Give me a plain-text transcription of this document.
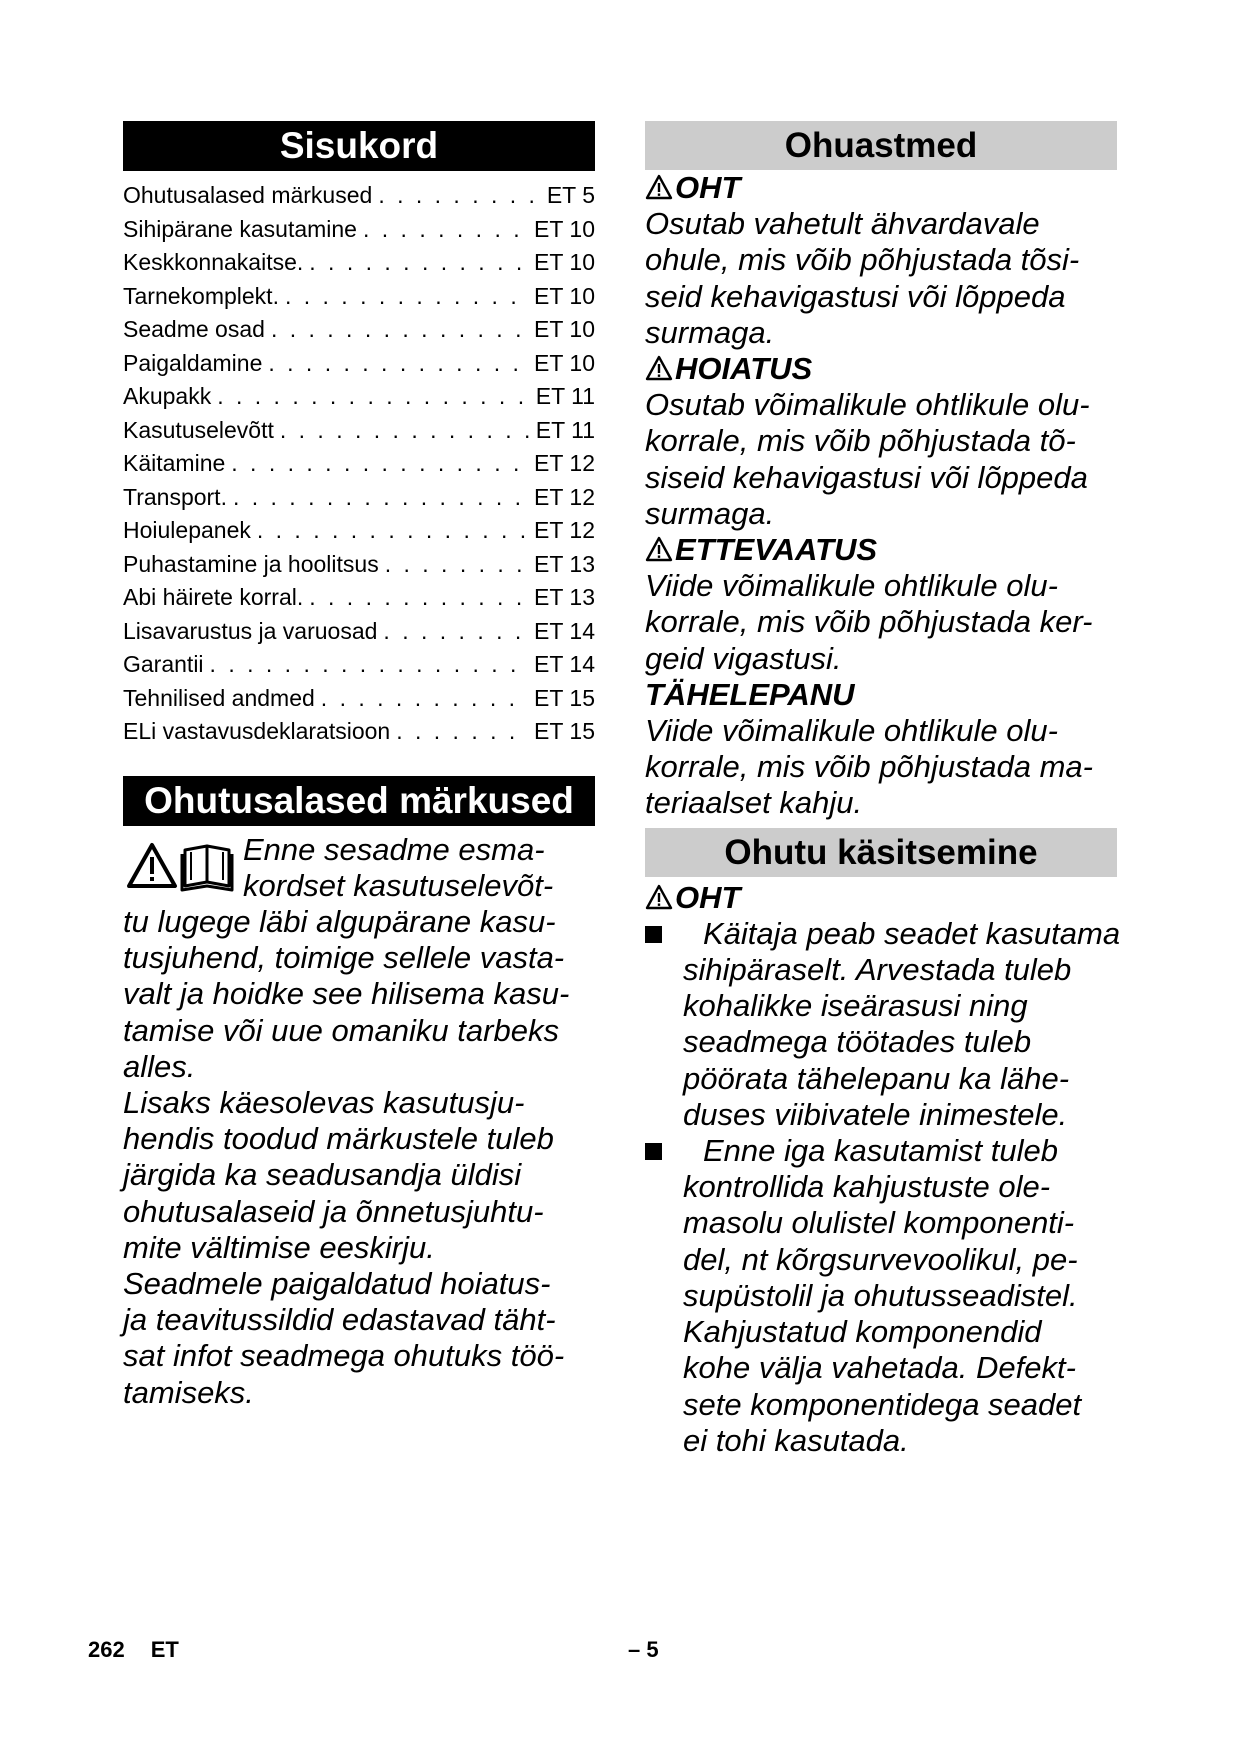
Sisukord
Ohutusalased märkused . . .	ET 5
Sihipärane kasutamine . . .	ET 10
Keskkonnakaitse. . . .	ET 10
Tarnekomplekt. . . .	ET 10
Seadme osad . . .	ET 10
Paigaldamine . . .	ET 10
Akupakk . . .	ET 11
Kasutuselevõtt . . .	ET 11
Käitamine . . .	ET 12
Transport. . . .	ET 12
Hoiulepanek . . .	ET 12
Puhastamine ja hoolitsus . . .	ET 13
Abi häirete korral. . . .	ET 13
Lisavarustus ja varuosad . . .	ET 14
Garantii . . .	ET 14
Tehnilised andmed . . .	ET 15
ELi vastavusdeklaratsioon . . .	ET 15
Ohutusalased märkused
Enne sesadme esma-
kordset kasutuselevõt-
tu lugege läbi algupärane kasu-
tusjuhend, toimige sellele vasta-
valt ja hoidke see hilisema kasu-
tamise või uue omaniku tarbeks
alles.
Lisaks käesolevas kasutusju-
hendis toodud märkustele tuleb
järgida ka seadusandja üldisi
ohutusalaseid ja õnnetusjuhtu-
mite vältimise eeskirju.
Seadmele paigaldatud hoiatus-
ja teavitussildid edastavad täht-
sat infot seadmega ohutuks töö-
tamiseks.
Ohuastmed
OHT
Osutab vahetult ähvardavale
ohule, mis võib põhjustada tõsi-
seid kehavigastusi või lõppeda
surmaga.
HOIATUS
Osutab võimalikule ohtlikule olu-
korrale, mis võib põhjustada tõ-
siseid kehavigastusi või lõppeda
surmaga.
ETTEVAATUS
Viide võimalikule ohtlikule olu-
korrale, mis võib põhjustada ker-
geid vigastusi.
TÄHELEPANU
Viide võimalikule ohtlikule olu-
korrale, mis võib põhjustada ma-
teriaalset kahju.
Ohutu käsitsemine
OHT
Käitaja peab seadet kasutama
sihipäraselt. Arvestada tuleb
kohalikke iseärasusi ning
seadmega töötades tuleb
pöörata tähelepanu ka lähe-
duses viibivatele inimestele.
Enne iga kasutamist tuleb
kontrollida kahjustuste ole-
masolu olulistel komponenti-
del, nt kõrgsurvevoolikul, pe-
supüstolil ja ohutusseadistel.
Kahjustatud komponendid
kohe välja vahetada. Defekt-
sete komponentidega seadet
ei tohi kasutada.
262 ET	– 5
